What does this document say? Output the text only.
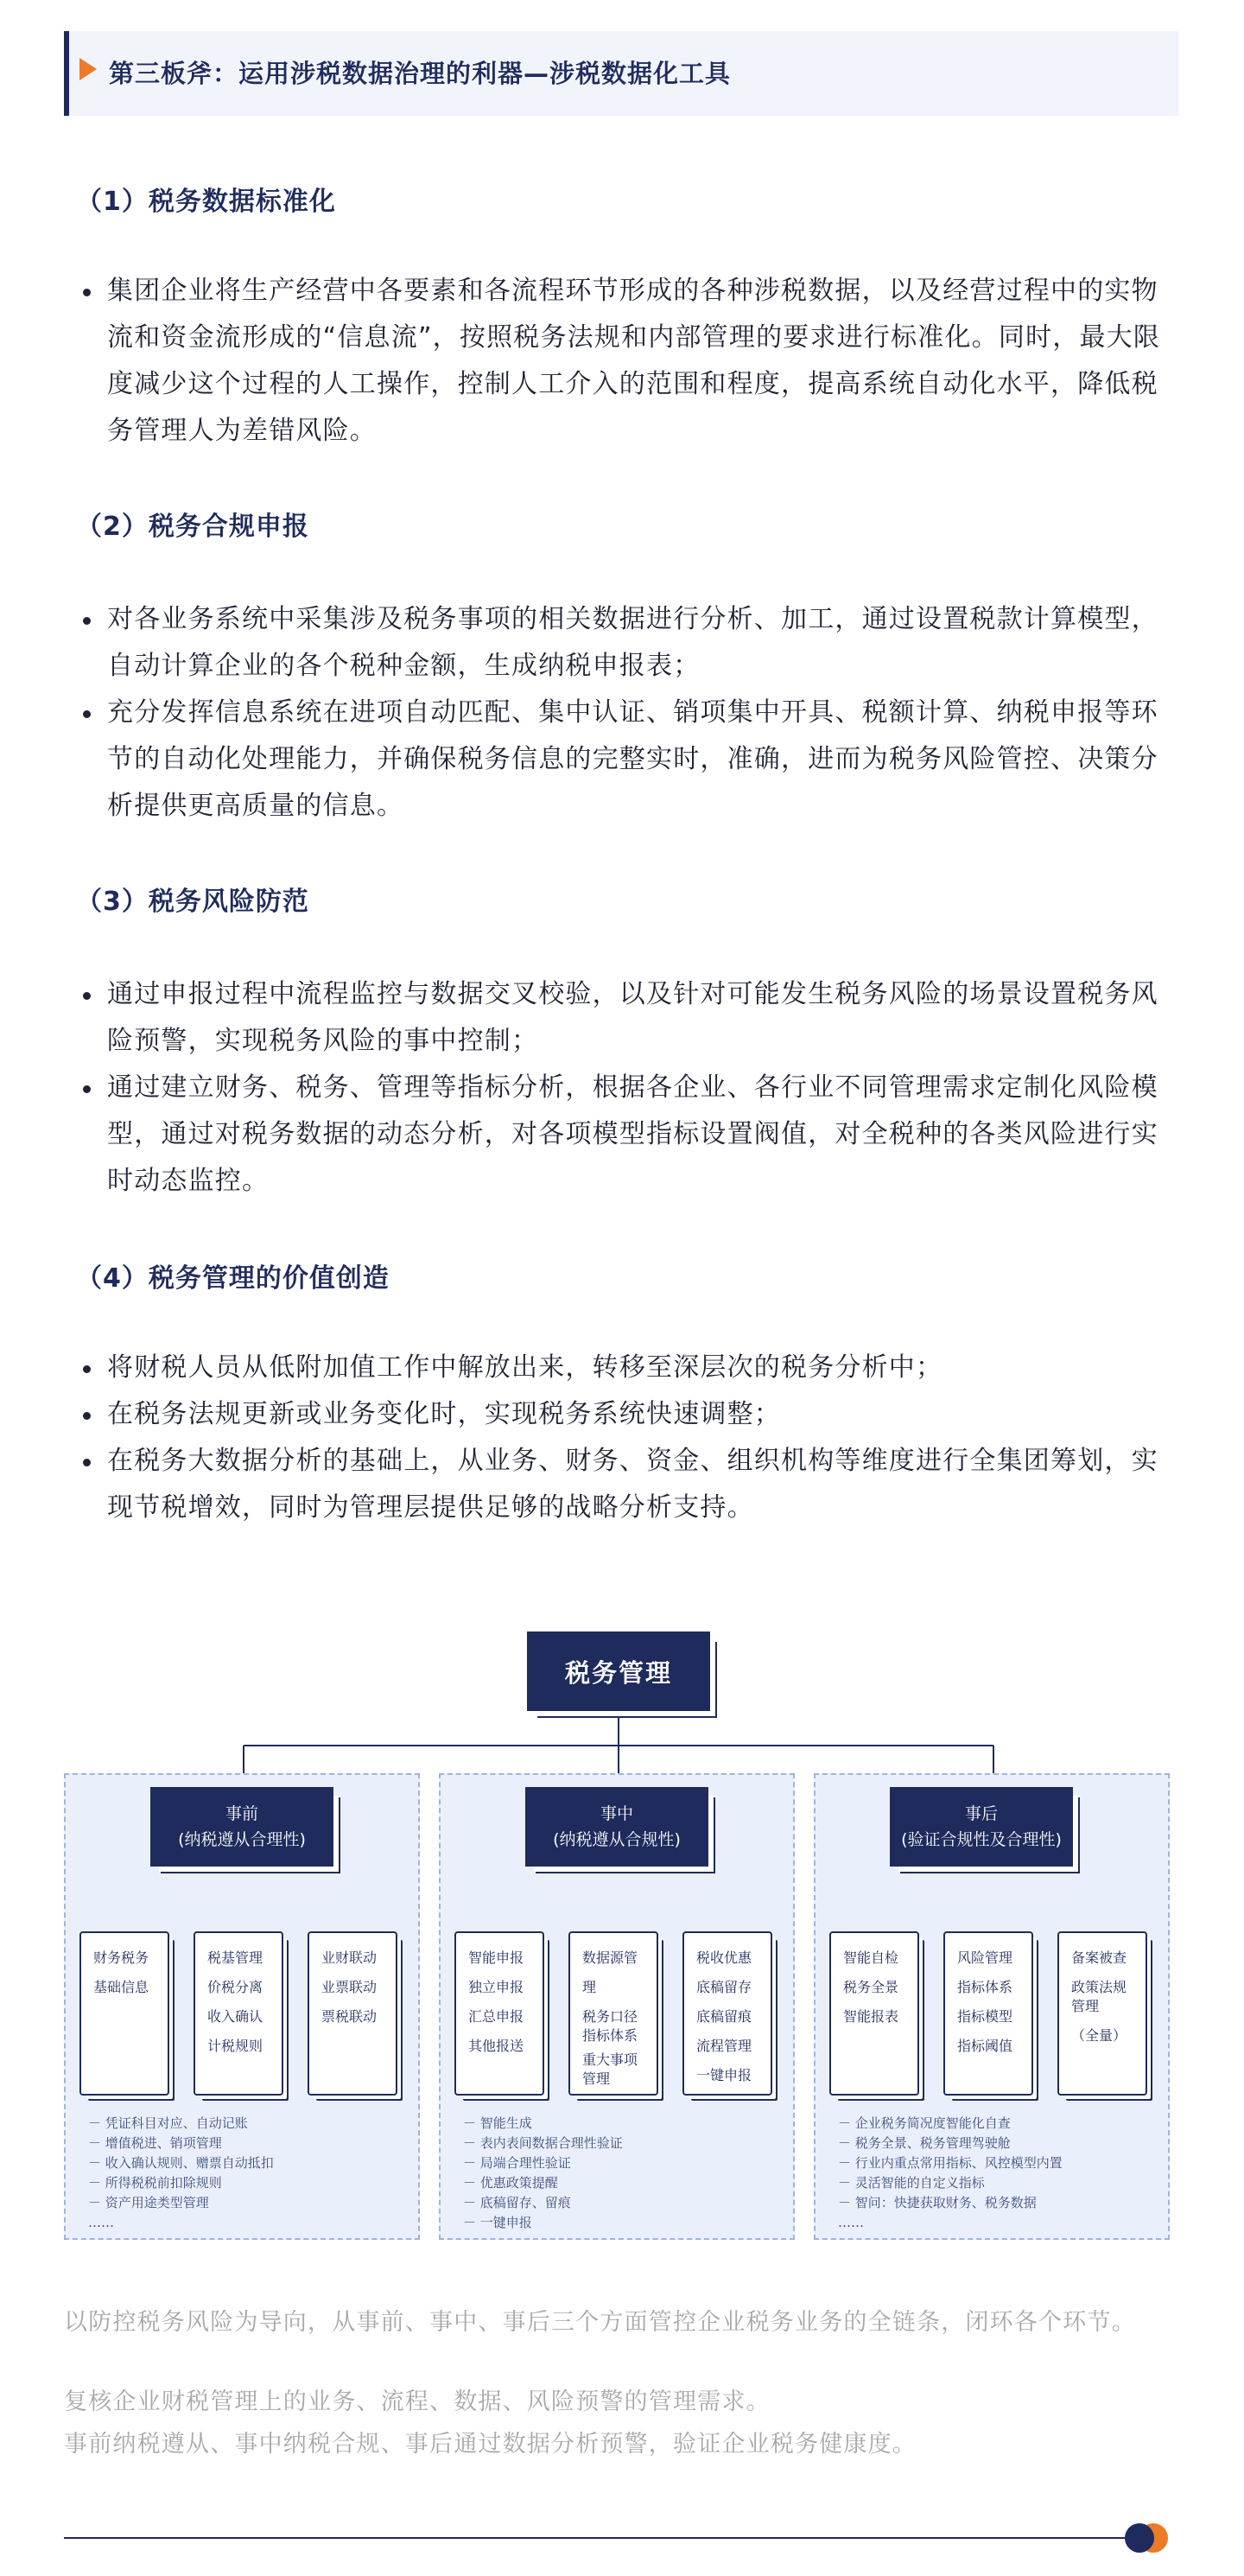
第三板斧：运用涉税数据治理的利器—涉税数据化工具
（1）税务数据标准化
集团企业将生产经营中各要素和各流程环节形成的各种涉税数据，以及经营过程中的实物流和资金流形成的“信息流”，按照税务法规和内部管理的要求进行标准化。同时，最大限度减少这个过程的人工操作，控制人工介入的范围和程度，提高系统自动化水平，降低税务管理人为差错风险。
（2）税务合规申报
对各业务系统中采集涉及税务事项的相关数据进行分析、加工，通过设置税款计算模型，自动计算企业的各个税种金额，生成纳税申报表；
充分发挥信息系统在进项自动匹配、集中认证、销项集中开具、税额计算、纳税申报等环节的自动化处理能力，并确保税务信息的完整实时，准确，进而为税务风险管控、决策分析提供更高质量的信息。
（3）税务风险防范
通过申报过程中流程监控与数据交叉校验，以及针对可能发生税务风险的场景设置税务风险预警，实现税务风险的事中控制；
通过建立财务、税务、管理等指标分析，根据各企业、各行业不同管理需求定制化风险模型，通过对税务数据的动态分析，对各项模型指标设置阀值，对全税种的各类风险进行实时动态监控。
（4）税务管理的价值创造
将财税人员从低附加值工作中解放出来，转移至深层次的税务分析中；
在税务法规更新或业务变化时，实现税务系统快速调整；
在税务大数据分析的基础上，从业务、财务、资金、组织机构等维度进行全集团筹划，实现节税增效，同时为管理层提供足够的战略分析支持。
税务管理
事前
(纳税遵从合理性)
财务税务
基础信息
税基管理
价税分离
收入确认
计税规则
业财联动
业票联动
票税联动
－ 凭证科目对应、自动记账
－ 增值税进、销项管理
－ 收入确认规则、赠票自动抵扣
－ 所得税税前扣除规则
－ 资产用途类型管理
……
事中
(纳税遵从合规性)
智能申报
独立申报
汇总申报
其他报送
数据源管理
税务口径指标体系
重大事项管理
税收优惠
底稿留存
底稿留痕
流程管理
一键申报
－ 智能生成
－ 表内表间数据合理性验证
－ 局端合理性验证
－ 优惠政策提醒
－ 底稿留存、留痕
－ 一键申报
事后
(验证合规性及合理性)
智能自检
税务全景
智能报表
风险管理
指标体系
指标模型
指标阈值
备案被查
政策法规管理
（全量）
－ 企业税务简况度智能化自查
－ 税务全景、税务管理驾驶舱
－ 行业内重点常用指标、风控模型内置
－ 灵活智能的自定义指标
－ 智问：快捷获取财务、税务数据
……
以防控税务风险为导向，从事前、事中、事后三个方面管控企业税务业务的全链条，闭环各个环节。
复核企业财税管理上的业务、流程、数据、风险预警的管理需求。
事前纳税遵从、事中纳税合规、事后通过数据分析预警，验证企业税务健康度。
